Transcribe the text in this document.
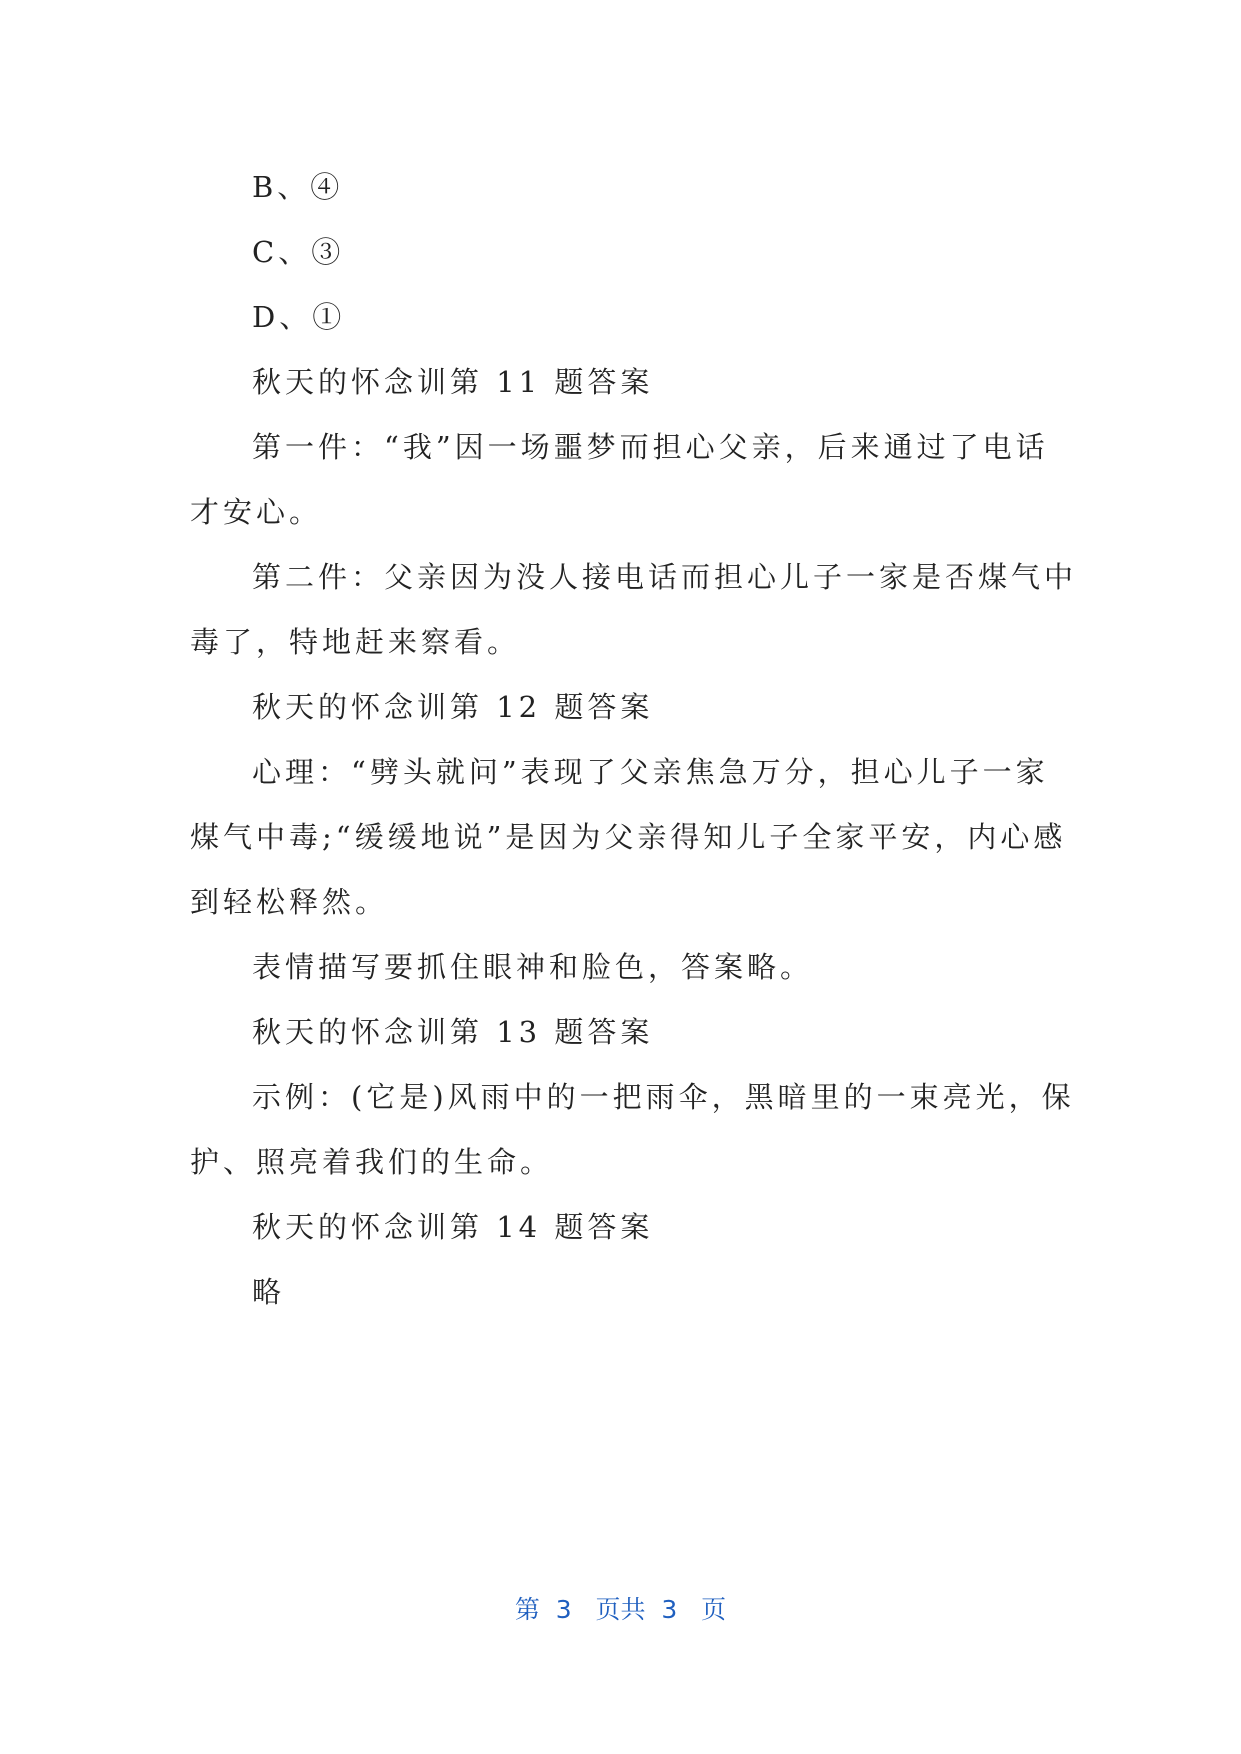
B、④
C、③
D、①
秋天的怀念训第 11 题答案
第一件：“我”因一场噩梦而担心父亲，后来通过了电话
才安心。
第二件：父亲因为没人接电话而担心儿子一家是否煤气中
毒了，特地赶来察看。
秋天的怀念训第 12 题答案
心理：“劈头就问”表现了父亲焦急万分，担心儿子一家
煤气中毒;“缓缓地说”是因为父亲得知儿子全家平安，内心感
到轻松释然。
表情描写要抓住眼神和脸色，答案略。
秋天的怀念训第 13 题答案
示例：(它是)风雨中的一把雨伞，黑暗里的一束亮光，保
护、照亮着我们的生命。
秋天的怀念训第 14 题答案
略
第  3   页共  3   页
